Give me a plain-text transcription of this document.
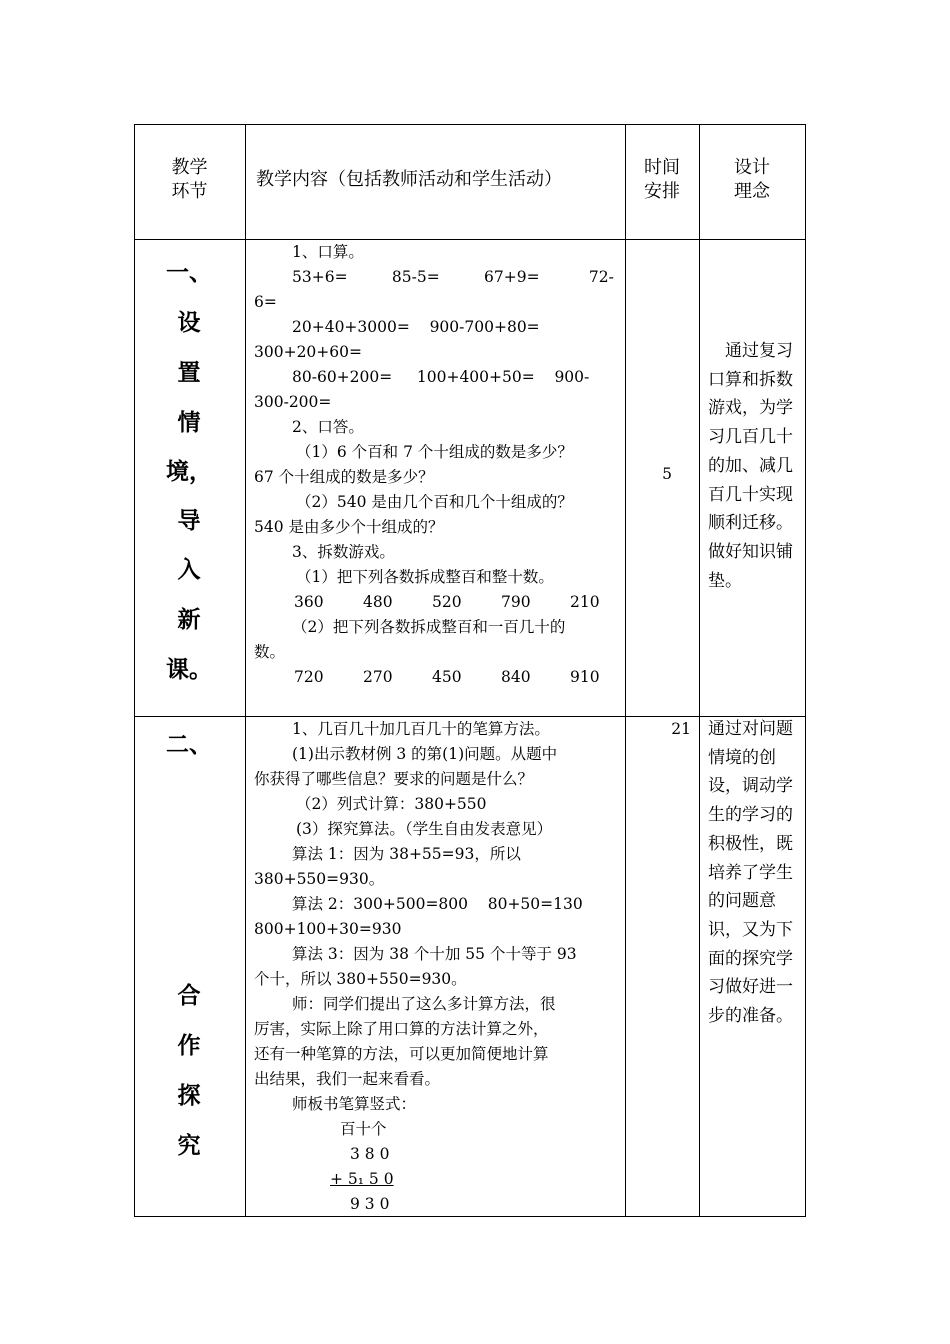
教学
环节
教学内容（包括教师活动和学生活动）
时间
安排
设计
理念
一、
设
置
情
境，
导
入
新
课。
1、口算。
53+6=         85-5=         67+9=          72-
6=
20+40+3000=    900-700+80=
300+20+60=
80-60+200=     100+400+50=    900-
300-200=
2、口答。
（1）6 个百和 7 个十组成的数是多少？
67 个十组成的数是多少？
（2）540 是由几个百和几个十组成的？
540 是由多少个十组成的？
3、拆数游戏。
（1）把下列各数拆成整百和整十数。
360        480        520        790        210
（2）把下列各数拆成整百和一百几十的
数。
720        270        450        840        910
5
　通过复习口算和拆数游戏，为学习几百几十的加、减几百几十实现顺利迁移。做好知识铺垫。
二、
合
作
探
究
1、几百几十加几百几十的笔算方法。
(1)出示教材例 3 的第(1)问题。从题中
你获得了哪些信息？要求的问题是什么？
（2）列式计算：380+550
(3）探究算法。（学生自由发表意见）
算法 1：因为 38+55=93，所以
380+550=930。
算法 2：300+500=800    80+50=130
800+100+30=930
算法 3：因为 38 个十加 55 个十等于 93
个十，所以 380+550=930。
师：同学们提出了这么多计算方法，很
厉害，实际上除了用口算的方法计算之外，
还有一种笔算的方法，可以更加简便地计算
出结果，我们一起来看看。
师板书笔算竖式：
百十个
3 8 0
+ 5₁ 5 0
9 3 0
21 通过对问题情境的创设，调动学生的学习的积极性，既培养了学生的问题意识，又为下面的探究学习做好进一步的准备。
